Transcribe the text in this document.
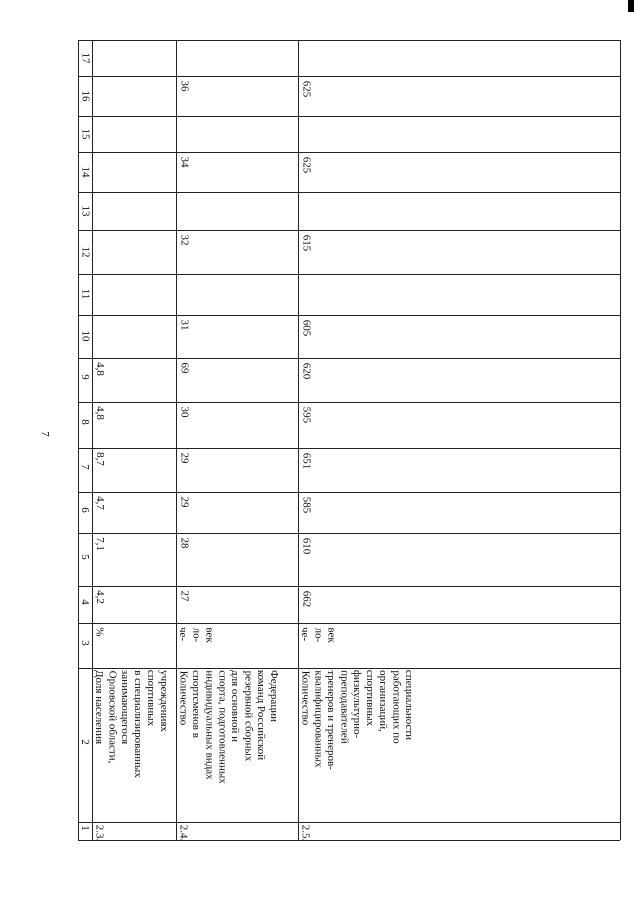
7
1
2
3
4
5
6
7
8
9
10
11
12
13
14
15
16
17
2.3.
Доля населения Орловской области, занимающегося в специализированных спортивных учреждениях
%
4,2
7,1
4,7
8,7
4,8
4,8
2.4.
Количество спортсменов в индивидуальных видах спорта, подготовленных для основной и резервной сборных команд Российской Федерации
че- ло- век
27
28
29
29
30
69
31
32
34
36
2.5.
Количество квалифицированных тренеров и тренеров- преподавателей физкультурно- спортивных организаций, работающих по специальности
че- ло- век
662
610
585
651
595
620
605
615
625
625
